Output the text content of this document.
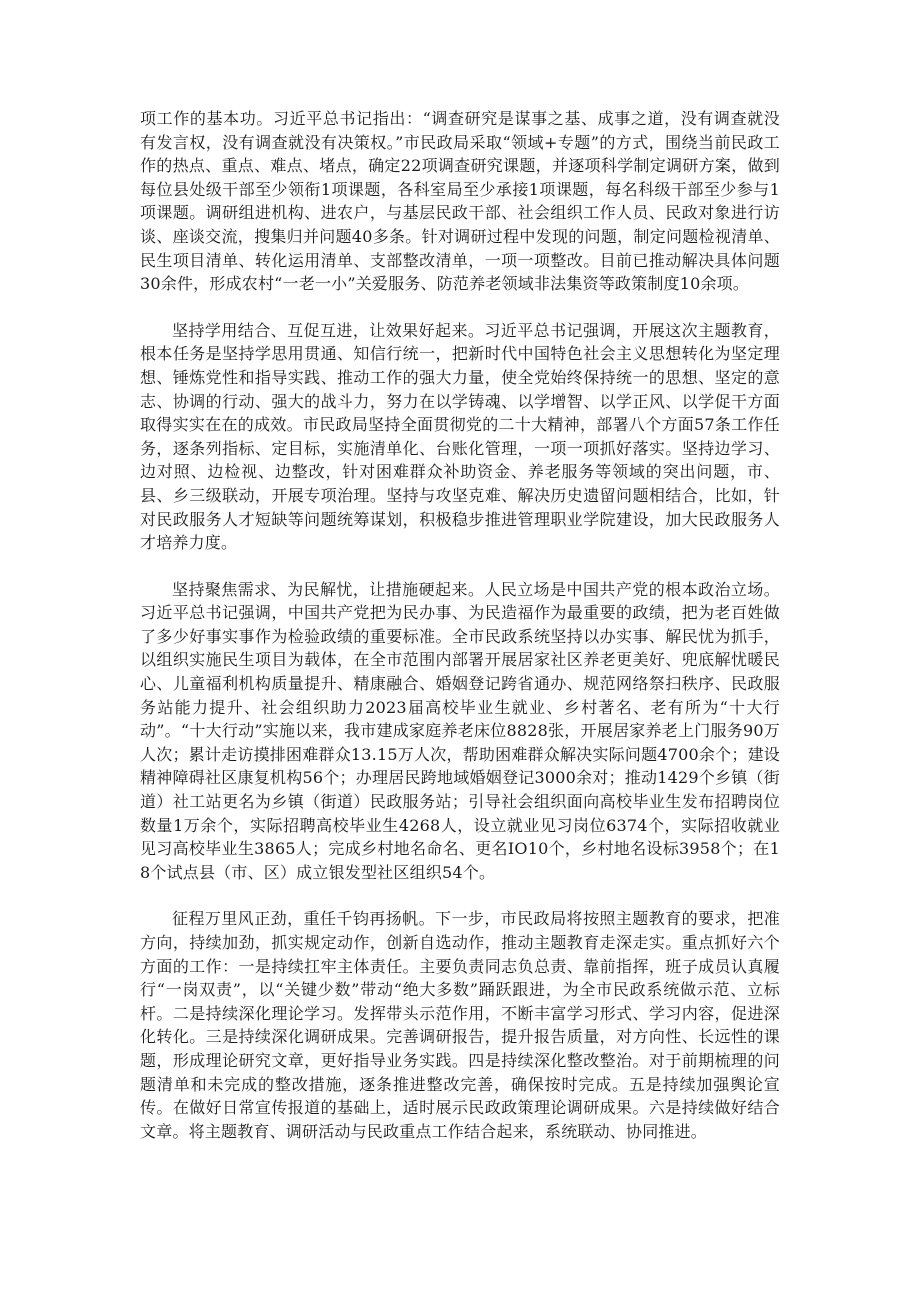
项工作的基本功。习近平总书记指出：“调查研究是谋事之基、成事之道，没有调查就没有发言权，没有调查就没有决策权。”市民政局采取“领域+专题”的方式，围绕当前民政工作的热点、重点、难点、堵点，确定22项调查研究课题，并逐项科学制定调研方案，做到每位县处级干部至少领衔1项课题，各科室局至少承接1项课题，每名科级干部至少参与1项课题。调研组进机构、进农户，与基层民政干部、社会组织工作人员、民政对象进行访谈、座谈交流，搜集归并问题40多条。针对调研过程中发现的问题，制定问题检视清单、民生项目清单、转化运用清单、支部整改清单，一项一项整改。目前已推动解决具体问题30余件，形成农村“一老一小”关爱服务、防范养老领域非法集资等政策制度10余项。

坚持学用结合、互促互进，让效果好起来。习近平总书记强调，开展这次主题教育，根本任务是坚持学思用贯通、知信行统一，把新时代中国特色社会主义思想转化为坚定理想、锤炼党性和指导实践、推动工作的强大力量，使全党始终保持统一的思想、坚定的意志、协调的行动、强大的战斗力，努力在以学铸魂、以学增智、以学正风、以学促干方面取得实实在在的成效。市民政局坚持全面贯彻党的二十大精神，部署八个方面57条工作任务，逐条列指标、定目标，实施清单化、台账化管理，一项一项抓好落实。坚持边学习、边对照、边检视、边整改，针对困难群众补助资金、养老服务等领域的突出问题，市、县、乡三级联动，开展专项治理。坚持与攻坚克难、解决历史遗留问题相结合，比如，针对民政服务人才短缺等问题统筹谋划，积极稳步推进管理职业学院建设，加大民政服务人才培养力度。

坚持聚焦需求、为民解忧，让措施硬起来。人民立场是中国共产党的根本政治立场。习近平总书记强调，中国共产党把为民办事、为民造福作为最重要的政绩，把为老百姓做了多少好事实事作为检验政绩的重要标准。全市民政系统坚持以办实事、解民忧为抓手，以组织实施民生项目为载体，在全市范围内部署开展居家社区养老更美好、兜底解忧暖民心、儿童福利机构质量提升、精康融合、婚姻登记跨省通办、规范网络祭扫秩序、民政服务站能力提升、社会组织助力2023届高校毕业生就业、乡村著名、老有所为“十大行动”。“十大行动”实施以来，我市建成家庭养老床位8828张，开展居家养老上门服务90万人次；累计走访摸排困难群众13.15万人次，帮助困难群众解决实际问题4700余个；建设精神障碍社区康复机构56个；办理居民跨地域婚姻登记3000余对；推动1429个乡镇（街道）社工站更名为乡镇（街道）民政服务站；引导社会组织面向高校毕业生发布招聘岗位数量1万余个，实际招聘高校毕业生4268人，设立就业见习岗位6374个，实际招收就业见习高校毕业生3865人；完成乡村地名命名、更名IO10个，乡村地名设标3958个；在18个试点县（市、区）成立银发型社区组织54个。

征程万里风正劲，重任千钧再扬帆。下一步，市民政局将按照主题教育的要求，把准方向，持续加劲，抓实规定动作，创新自选动作，推动主题教育走深走实。重点抓好六个方面的工作：一是持续扛牢主体责任。主要负责同志负总责、靠前指挥，班子成员认真履行“一岗双责”，以“关键少数”带动“绝大多数”踊跃跟进，为全市民政系统做示范、立标杆。二是持续深化理论学习。发挥带头示范作用，不断丰富学习形式、学习内容，促进深化转化。三是持续深化调研成果。完善调研报告，提升报告质量，对方向性、长远性的课题，形成理论研究文章，更好指导业务实践。四是持续深化整改整治。对于前期梳理的问题清单和未完成的整改措施，逐条推进整改完善，确保按时完成。五是持续加强舆论宣传。在做好日常宣传报道的基础上，适时展示民政政策理论调研成果。六是持续做好结合文章。将主题教育、调研活动与民政重点工作结合起来，系统联动、协同推进。
